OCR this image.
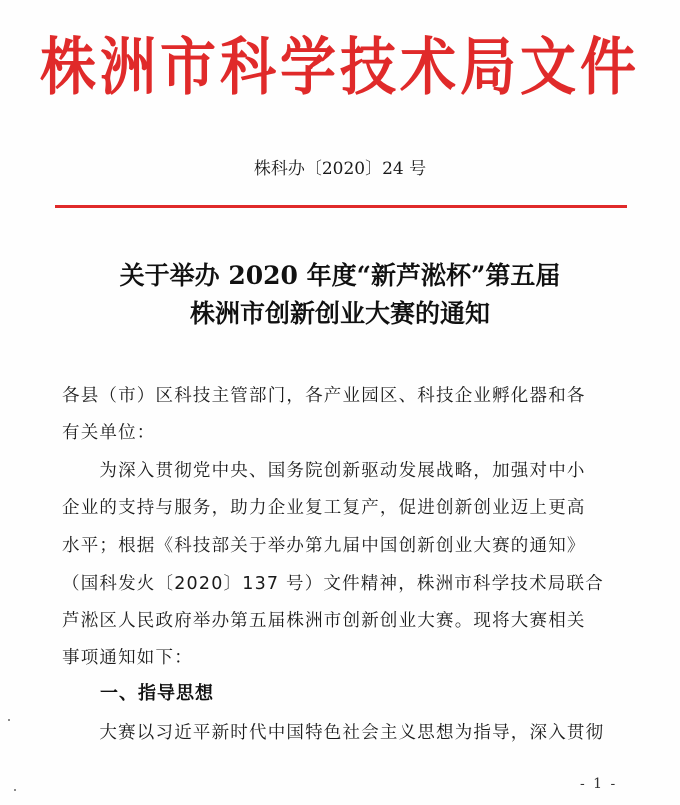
株洲市科学技术局文件
株科办〔2020〕24 号
关于举办 2020 年度“新芦淞杯”第五届
株洲市创新创业大赛的通知
各县（市）区科技主管部门，各产业园区、科技企业孵化器和各
有关单位：
　　为深入贯彻党中央、国务院创新驱动发展战略，加强对中小
企业的支持与服务，助力企业复工复产，促进创新创业迈上更高
水平；根据《科技部关于举办第九届中国创新创业大赛的通知》
（国科发火〔2020〕137 号）文件精神，株洲市科学技术局联合
芦淞区人民政府举办第五届株洲市创新创业大赛。现将大赛相关
事项通知如下：
一、指导思想
　　大赛以习近平新时代中国特色社会主义思想为指导，深入贯彻
- 1 -
